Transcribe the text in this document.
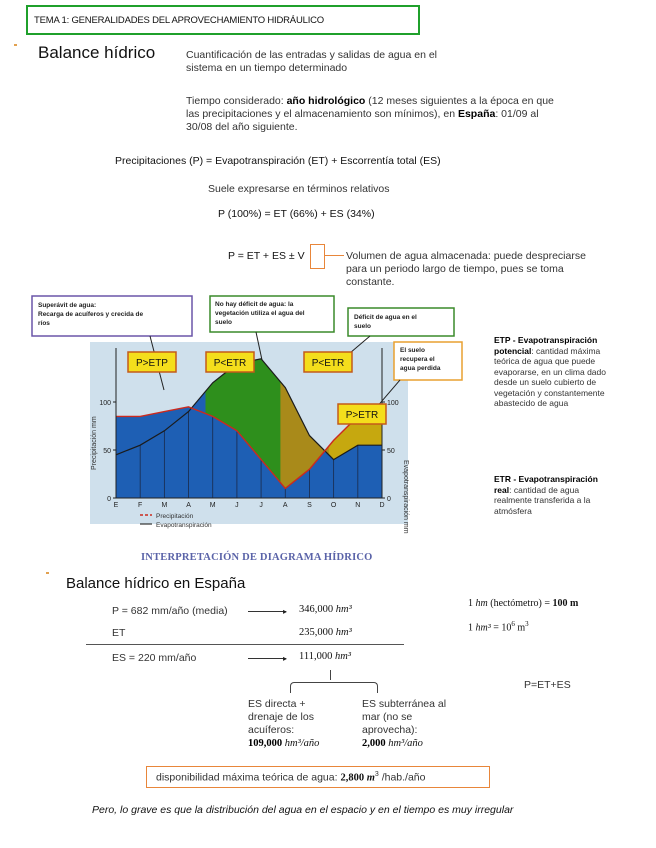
TEMA 1: GENERALIDADES DEL APROVECHAMIENTO HIDRÁULICO
Balance hídrico	Cuantificación de las entradas y salidas de agua en el
sistema en un tiempo determinado
Tiempo considerado: año hidrológico (12 meses siguientes a la época en que
las precipitaciones y el almacenamiento son mínimos), en España: 01/09 al
30/08 del año siguiente.
Precipitaciones (P) = Evapotranspiración (ET) + Escorrentía total (ES)
Suele expresarse en términos relativos
P (100%) = ET (66%) + ES (34%)
P = ET + ES ± V	Volumen de agua almacenada: puede despreciarse
para un periodo largo de tiempo, pues se toma
constante.
0	0
50	50
100	100
E	F	M	A	M	J	J	A	S	O	N	D
Precipitación mm
Evapotranspiración mm
Precipitación
Evapotranspiración
Superávit de agua:
Recarga de acuíferos y crecida de
ríos
No hay déficit de agua: la
vegetación utiliza el agua del
suelo
Déficit de agua en el
suelo
El suelo
recupera el
agua perdida
P>ETP	P<ETR	P<ETR
P>ETR
INTERPRETACIÓN DE DIAGRAMA HÍDRICO
ETP - Evapotranspiración
potencial: cantidad máxima
teórica de agua que puede
evaporarse, en un clima dado
desde un suelo cubierto de
vegetación y constantemente
abastecido de agua
ETR - Evapotranspiración
real: cantidad de agua
realmente transferida a la
atmósfera
Balance hídrico en España
P = 682 mm/año (media)	▸ 346,000 hm³
ET	235,000 hm³
ES = 220 mm/año	▸ 111,000 hm³
1 hm (hectómetro) = 100 m
1 $hm^3 = 10^6$ $m^3$
P=ET+ES
ES directa +
drenaje de los
acuíferos:
109,000 hm³/año
ES subterránea al
mar (no se
aprovecha):
2,000 hm³/año
disponibilidad máxima teórica de agua: 2,800 $m^3$ /hab./año
Pero, lo grave es que la distribución del agua en el espacio y en el tiempo es muy irregular
